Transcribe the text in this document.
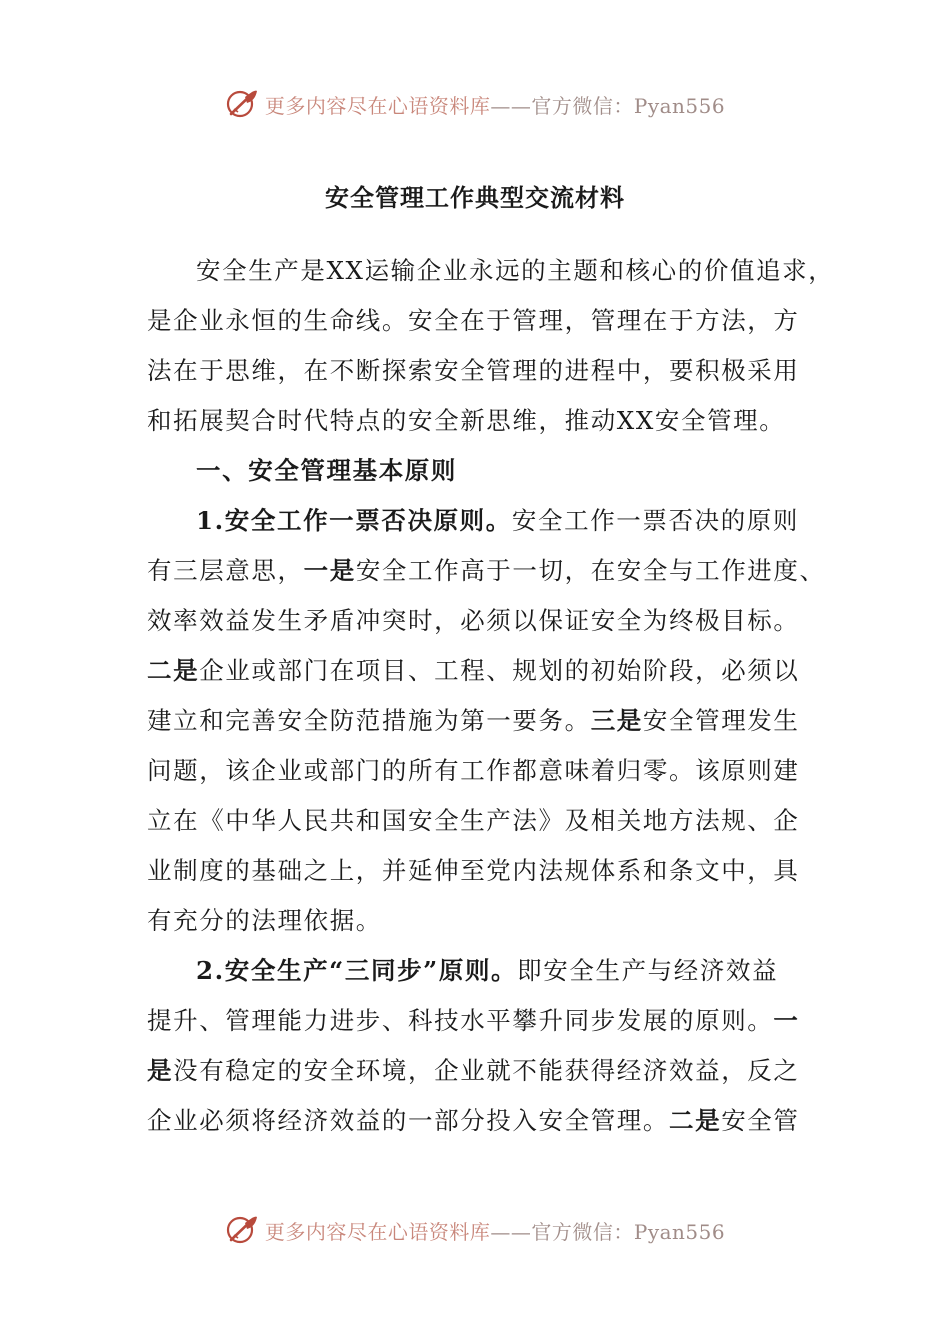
更多内容尽在心语资料库——官方微信：Pyan556
安全管理工作典型交流材料
安全生产是XX运输企业永远的主题和核心的价值追求，
是企业永恒的生命线。安全在于管理，管理在于方法，方
法在于思维，在不断探索安全管理的进程中，要积极采用
和拓展契合时代特点的安全新思维，推动XX安全管理。
一、安全管理基本原则
1.安全工作一票否决原则。安全工作一票否决的原则
有三层意思，一是安全工作高于一切，在安全与工作进度、
效率效益发生矛盾冲突时，必须以保证安全为终极目标。
二是企业或部门在项目、工程、规划的初始阶段，必须以
建立和完善安全防范措施为第一要务。三是安全管理发生
问题，该企业或部门的所有工作都意味着归零。该原则建
立在《中华人民共和国安全生产法》及相关地方法规、企
业制度的基础之上，并延伸至党内法规体系和条文中，具
有充分的法理依据。
2.安全生产“三同步”原则。即安全生产与经济效益
提升、管理能力进步、科技水平攀升同步发展的原则。一
是没有稳定的安全环境，企业就不能获得经济效益，反之
企业必须将经济效益的一部分投入安全管理。二是安全管
更多内容尽在心语资料库——官方微信：Pyan556
